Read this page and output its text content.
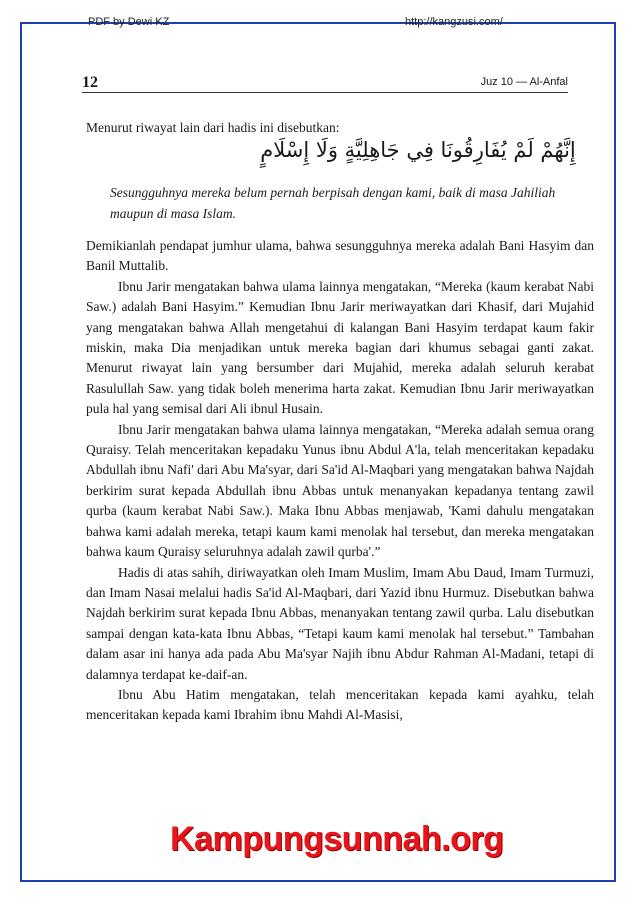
PDF by Dewi KZ	http://kangzusi.com/
12	Juz 10 — Al-Anfal
Menurut riwayat lain dari hadis ini disebutkan:
إِنَّهُمْ لَمْ يُفَارِقُونَا فِي جَاهِلِيَّةٍ وَلَا إِسْلَامٍ
Sesungguhnya mereka belum pernah berpisah dengan kami, baik di masa Jahiliah maupun di masa Islam.

Demikianlah pendapat jumhur ulama, bahwa sesungguhnya mereka adalah Bani Hasyim dan Banil Muttalib.

Ibnu Jarir mengatakan bahwa ulama lainnya mengatakan, “Mereka (kaum kerabat Nabi Saw.) adalah Bani Hasyim.” Kemudian Ibnu Jarir meriwayatkan dari Khasif, dari Mujahid yang mengatakan bahwa Allah mengetahui di kalangan Bani Hasyim terdapat kaum fakir miskin, maka Dia menjadikan untuk mereka bagian dari khumus sebagai ganti zakat. Menurut riwayat lain yang bersumber dari Mujahid, mereka adalah seluruh kerabat Rasulullah Saw. yang tidak boleh menerima harta zakat. Kemudian Ibnu Jarir meriwayatkan pula hal yang semisal dari Ali ibnul Husain.

Ibnu Jarir mengatakan bahwa ulama lainnya mengatakan, “Mereka adalah semua orang Quraisy. Telah menceritakan kepadaku Yunus ibnu Abdul A'la, telah menceritakan kepadaku Abdullah ibnu Nafi' dari Abu Ma'syar, dari Sa'id Al-Maqbari yang mengatakan bahwa Najdah berkirim surat kepada Abdullah ibnu Abbas untuk menanyakan kepadanya tentang zawil qurba (kaum kerabat Nabi Saw.). Maka Ibnu Abbas menjawab, 'Kami dahulu mengatakan bahwa kami adalah mereka, tetapi kaum kami menolak hal tersebut, dan mereka mengatakan bahwa kaum Quraisy seluruhnya adalah zawil qurba'.”

Hadis di atas sahih, diriwayatkan oleh Imam Muslim, Imam Abu Daud, Imam Turmuzi, dan Imam Nasai melalui hadis Sa'id Al-Maqbari, dari Yazid ibnu Hurmuz. Disebutkan bahwa Najdah berkirim surat kepada Ibnu Abbas, menanyakan tentang zawil qurba. Lalu disebutkan sampai dengan kata-kata Ibnu Abbas, “Tetapi kaum kami menolak hal tersebut.” Tambahan dalam asar ini hanya ada pada Abu Ma'syar Najih ibnu Abdur Rahman Al-Madani, tetapi di dalamnya terdapat ke-daif-an.

Ibnu Abu Hatim mengatakan, telah menceritakan kepada kami ayahku, telah menceritakan kepada kami Ibrahim ibnu Mahdi Al-Masisi,

Kampungsunnah.org
